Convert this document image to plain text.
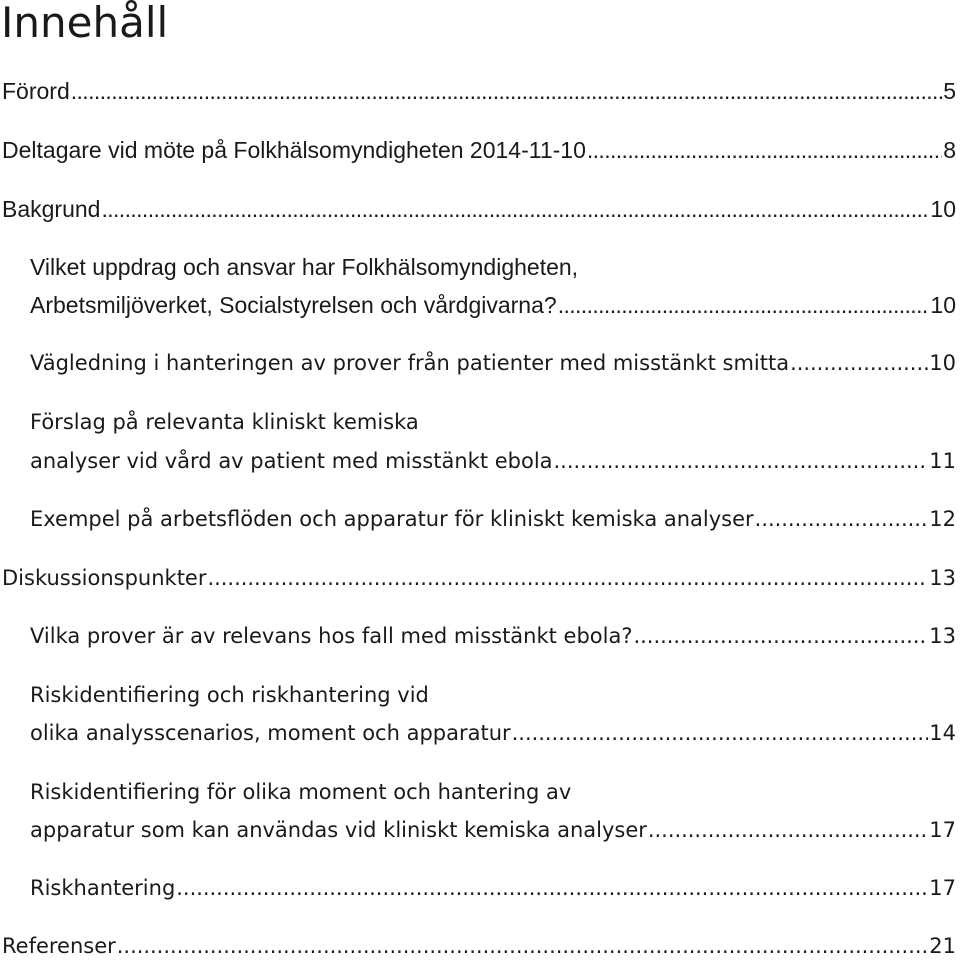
Innehåll
Förord . . .	5
Deltagare vid möte på Folkhälsomyndigheten 2014-11-10 . . .	8
Bakgrund . . .	10
Vilket uppdrag och ansvar har Folkhälsomyndigheten,
Arbetsmiljöverket, Socialstyrelsen och vårdgivarna? . . .	10
Vägledning i hanteringen av prover från patienter med misstänkt smitta . . .	10
Förslag på relevanta kliniskt kemiska
analyser vid vård av patient med misstänkt ebola . . .	11
Exempel på arbetsflöden och apparatur för kliniskt kemiska analyser . . .	12
Diskussionspunkter . . .	13
Vilka prover är av relevans hos fall med misstänkt ebola? . . .	13
Riskidentifiering och riskhantering vid
olika analysscenarios, moment och apparatur . . .	14
Riskidentifiering för olika moment och hantering av
apparatur som kan användas vid kliniskt kemiska analyser . . .	17
Riskhantering . . .	17
Referenser . . .	21
